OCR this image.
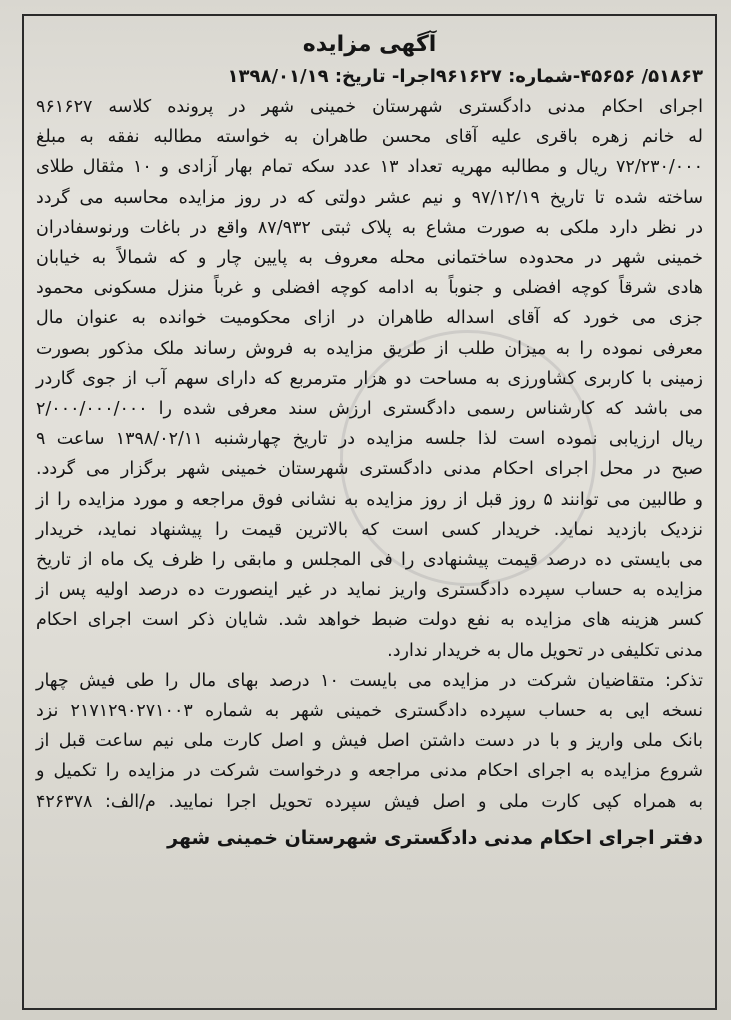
آگهی مزایده

۵۱۸۶۳/ ۴۵۶۵۶-شماره: ۹۶۱۶۲۷اجرا- تاریخ: ۱۳۹۸/۰۱/۱۹

اجرای احکام مدنی دادگستری شهرستان خمینی شهر در پرونده کلاسه ۹۶۱۶۲۷

له خانم زهره باقری علیه آقای محسن طاهران به خواسته مطالبه نفقه به مبلغ

۷۲/۲۳۰/۰۰۰ ریال و مطالبه مهریه تعداد ۱۳ عدد سکه تمام بهار آزادی و ۱۰ مثقال طلای

ساخته شده تا تاریخ ۹۷/۱۲/۱۹ و نیم عشر دولتی که در روز مزایده محاسبه می گردد

در نظر دارد ملکی به صورت مشاع به پلاک ثبتی ۸۷/۹۳۲ واقع در باغات ورنوسفادران

خمینی شهر در محدوده ساختمانی محله معروف به پایین چار و که شمالاً به خیابان

هادی شرقاً کوچه افضلی و جنوباً به ادامه کوچه افضلی و غرباً منزل مسکونی محمود

جزی می خورد که آقای اسداله طاهران در ازای محکومیت خوانده به عنوان مال

معرفی نموده را به میزان طلب از طریق مزایده به فروش رساند ملک مذکور بصورت

زمینی با کاربری کشاورزی به مساحت دو هزار مترمربع که دارای سهم آب از جوی گاردر

می باشد که کارشناس رسمی دادگستری ارزش سند معرفی شده را ۲/۰۰۰/۰۰۰/۰۰۰

ریال ارزیابی نموده است لذا جلسه مزایده در تاریخ چهارشنبه ۱۳۹۸/۰۲/۱۱ ساعت ۹

صبح در محل اجرای احکام مدنی دادگستری شهرستان خمینی شهر برگزار می گردد.

و طالبین می توانند ۵ روز قبل از روز مزایده به نشانی فوق مراجعه و مورد مزایده را از

نزدیک بازدید نماید. خریدار کسی است که بالاترین قیمت را پیشنهاد نماید، خریدار

می بایستی ده درصد قیمت پیشنهادی را فی المجلس و مابقی را ظرف یک ماه از تاریخ

مزایده به حساب سپرده دادگستری واریز نماید در غیر اینصورت ده درصد اولیه پس از

کسر هزینه های مزایده به نفع دولت ضبط خواهد شد. شایان ذکر است اجرای احکام

مدنی تکلیفی در تحویل مال به خریدار ندارد.

تذکر: متقاضیان شرکت در مزایده می بایست ۱۰ درصد بهای مال را طی فیش چهار

نسخه ایی به حساب سپرده دادگستری خمینی شهر به شماره ۲۱۷۱۲۹۰۲۷۱۰۰۳ نزد

بانک ملی واریز و با در دست داشتن اصل فیش و اصل کارت ملی نیم ساعت قبل از

شروع مزایده به اجرای احکام مدنی مراجعه و درخواست شرکت در مزایده را تکمیل و

به همراه کپی کارت ملی و اصل فیش سپرده تحویل اجرا نمایید. م/الف: ۴۲۶۳۷۸

دفتر اجرای احکام مدنی دادگستری شهرستان خمینی شهر
